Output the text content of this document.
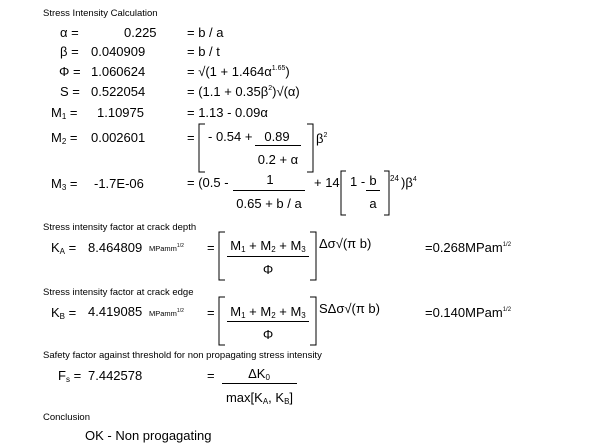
Stress Intensity Calculation
α =	0.225 = b / a
β = 0.040909	= b / t
Φ = 1.060624	= $√(1 + 1.464\alpha^{1.65})$
S = 0.522054	= $(1.1 + 0.35\beta^2)√(\alpha)$
$M_1 = 1.10975$	= 1.13 - 0.09α
$M_2 = 0.002601$	= - 0.54 + 0.89
0.2 + α
$\beta^2$
$M_3 = -1.7E-06$	= (0.5 -	1
0.65 + b / a
+ 14 1 - b
a
24 )$\beta^4$
Stress intensity factor at crack depth
$K_A = 8.464809$ MPamm$^{1/2}$ = $M_1 + M_2 + M_3$
Φ
Δσ√(π b)	=0.268MPam$^{1/2}$
Stress intensity factor at crack edge
$K_B = 4.419085$ MPamm$^{1/2}$ = $M_1 + M_2 + M_3$
Φ
SΔσ√(π b)	=0.140MPam$^{1/2}$
Safety factor against threshold for non propagating stress intensity
$F_s = 7.442578$	=	$\Delta K_0$
$\max[K_A$, $K_B$]
Conclusion
OK - Non progagating
